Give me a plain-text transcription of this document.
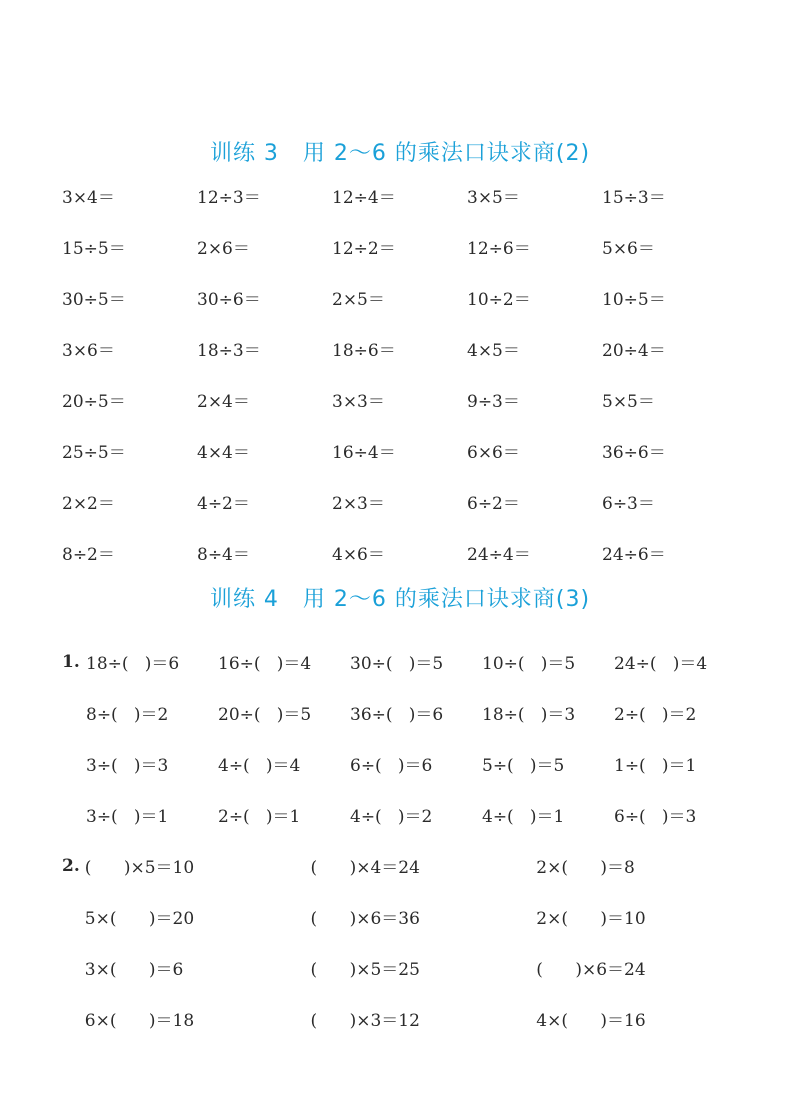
训练 3   用 2～6 的乘法口诀求商(2)
3×4＝	12÷3＝	12÷4＝	3×5＝	15÷3＝
15÷5＝	2×6＝	12÷2＝	12÷6＝	5×6＝
30÷5＝	30÷6＝	2×5＝	10÷2＝	10÷5＝
3×6＝	18÷3＝	18÷6＝	4×5＝	20÷4＝
20÷5＝	2×4＝	3×3＝	9÷3＝	5×5＝
25÷5＝	4×4＝	16÷4＝	6×6＝	36÷6＝
2×2＝	4÷2＝	2×3＝	6÷2＝	6÷3＝
8÷2＝	8÷4＝	4×6＝	24÷4＝	24÷6＝
训练 4   用 2～6 的乘法口诀求商(3)
1. 18÷(   )＝6	16÷(   )＝4	30÷(   )＝5	10÷(   )＝5	24÷(   )＝4
8÷(   )＝2	20÷(   )＝5	36÷(   )＝6	18÷(   )＝3	2÷(   )＝2
3÷(   )＝3	4÷(   )＝4	6÷(   )＝6	5÷(   )＝5	1÷(   )＝1
3÷(   )＝1	2÷(   )＝1	4÷(   )＝2	4÷(   )＝1	6÷(   )＝3
2. (      )×5＝10	(      )×4＝24	2×(      )＝8
5×(      )＝20	(      )×6＝36	2×(      )＝10
3×(      )＝6	(      )×5＝25	(      )×6＝24
6×(      )＝18	(      )×3＝12	4×(      )＝16
